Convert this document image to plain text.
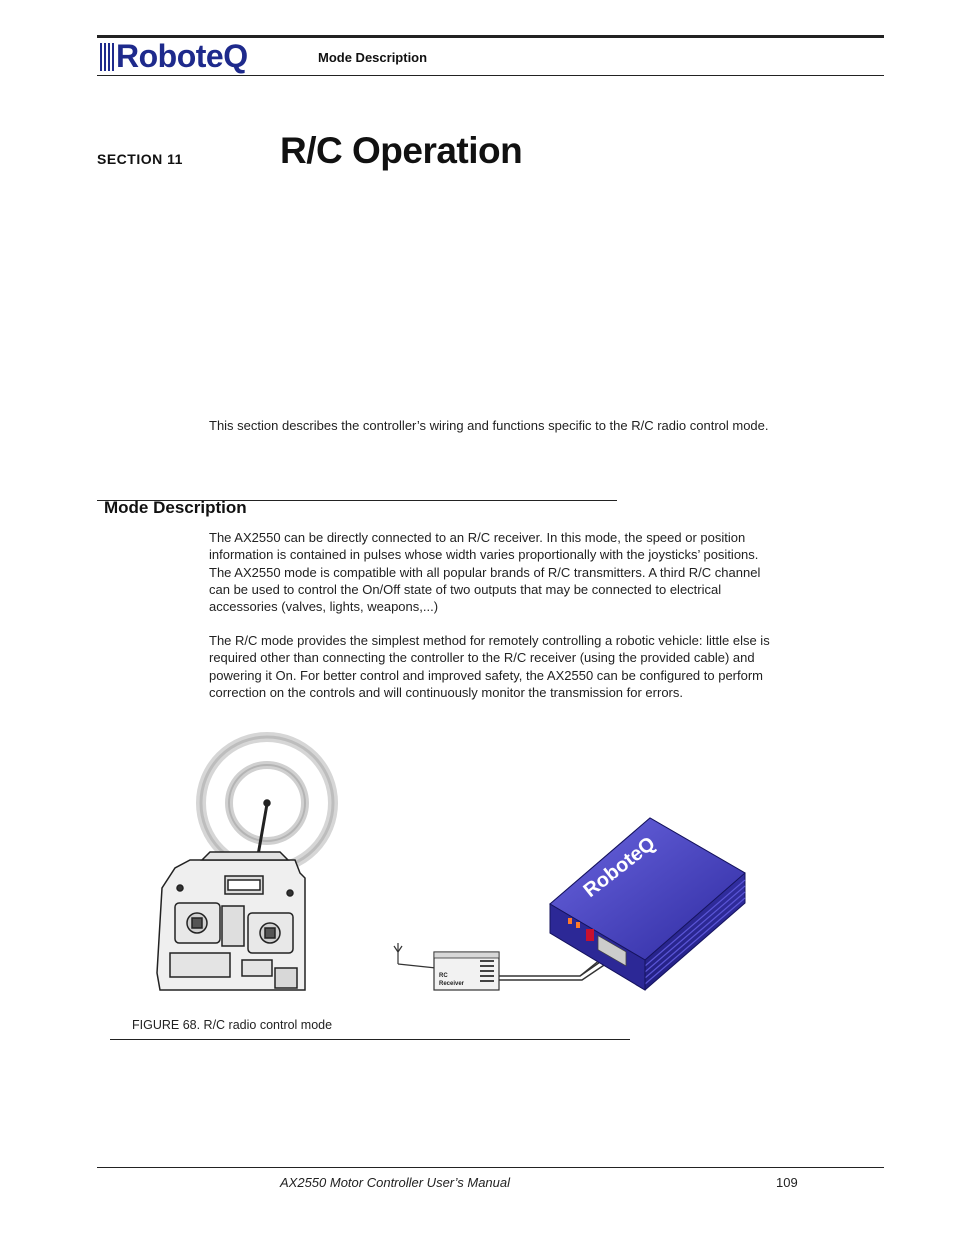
RoboteQ	Mode Description
SECTION 11	R/C Operation
This section describes the controller’s wiring and functions specific to the R/C radio control mode.
Mode Description
The AX2550 can be directly connected to an R/C receiver. In this mode, the speed or position information is contained in pulses whose width varies proportionally with the joysticks’ positions. The AX2550 mode is compatible with all popular brands of R/C transmitters. A third R/C channel can be used to control the On/Off state of two outputs that may be connected to electrical accessories (valves, lights, weapons,...)
The R/C mode provides the simplest method for remotely controlling a robotic vehicle: little else is required other than connecting the controller to the R/C receiver (using the provided cable) and powering it On. For better control and improved safety, the AX2550 can be configured to perform correction on the controls and will continuously monitor the transmission for errors.
RC
Receiver
RoboteQ
FIGURE 68. R/C radio control mode
AX2550 Motor Controller User’s Manual	109
